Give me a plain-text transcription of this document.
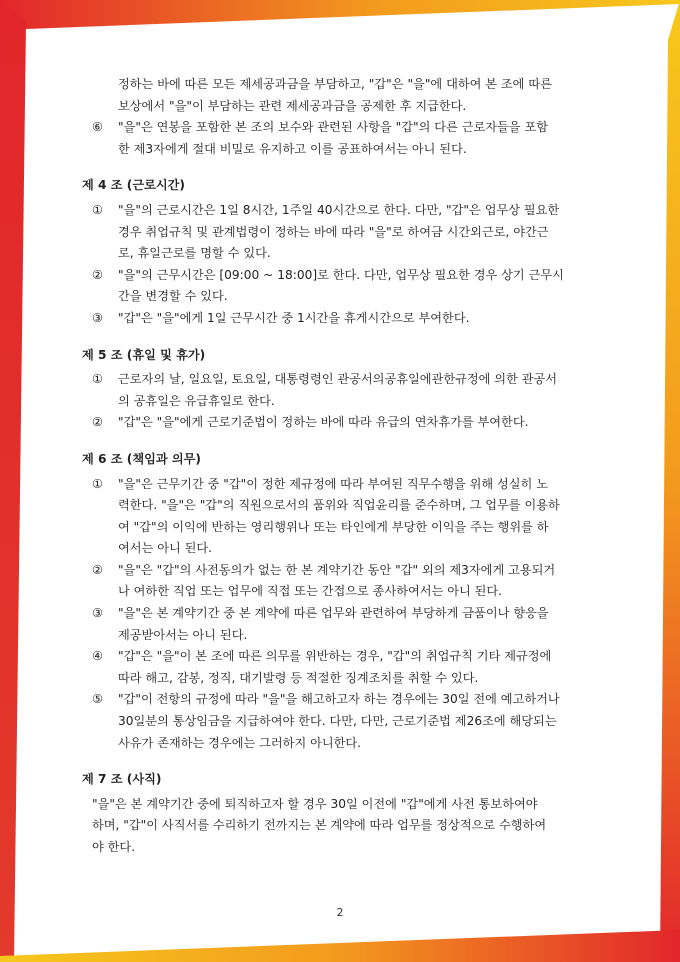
정하는 바에 따른 모든 제세공과금을 부담하고, "갑"은 "을"에 대하여 본 조에 따른
보상에서 "을"이 부담하는 관련 제세공과금을 공제한 후 지급한다.
⑥ "을"은 연봉을 포함한 본 조의 보수와 관련된 사항을 "갑"의 다른 근로자들을 포함
한 제3자에게 절대 비밀로 유지하고 이를 공표하여서는 아니 된다.
제 4 조 (근로시간)
① "을"의 근로시간은 1일 8시간, 1주일 40시간으로 한다. 다만, "갑"은 업무상 필요한
경우 취업규칙 및 관계법령이 정하는 바에 따라 "을"로 하여금 시간외근로, 야간근
로, 휴일근로를 명할 수 있다.
② "을"의 근무시간은 [09:00 ~ 18:00]로 한다. 다만, 업무상 필요한 경우 상기 근무시
간을 변경할 수 있다.
③ "갑"은 "을"에게 1일 근무시간 중 1시간을 휴게시간으로 부여한다.
제 5 조 (휴일 및 휴가)
① 근로자의 날, 일요일, 토요일, 대통령령인 관공서의공휴일에관한규정에 의한 관공서
의 공휴일은 유급휴일로 한다.
② "갑"은 "을"에게 근로기준법이 정하는 바에 따라 유급의 연차휴가를 부여한다.
제 6 조 (책임과 의무)
① "을"은 근무기간 중 "갑"이 정한 제규정에 따라 부여된 직무수행을 위해 성실히 노
력한다. "을"은 "갑"의 직원으로서의 품위와 직업윤리를 준수하며, 그 업무를 이용하
여 "갑"의 이익에 반하는 영리행위나 또는 타인에게 부당한 이익을 주는 행위를 하
여서는 아니 된다.
② "을"은 "갑"의 사전동의가 없는 한 본 계약기간 동안 "갑" 외의 제3자에게 고용되거
나 여하한 직업 또는 업무에 직접 또는 간접으로 종사하여서는 아니 된다.
③ "을"은 본 계약기간 중 본 계약에 따른 업무와 관련하여 부당하게 금품이나 향응을
제공받아서는 아니 된다.
④ "갑"은 "을"이 본 조에 따른 의무를 위반하는 경우, "갑"의 취업규칙 기타 제규정에
따라 해고, 감봉, 정직, 대기발령 등 적절한 징계조치를 취할 수 있다.
⑤ "갑"이 전항의 규정에 따라 "을"을 해고하고자 하는 경우에는 30일 전에 예고하거나
30일분의 통상임금을 지급하여야 한다. 다만, 다만, 근로기준법 제26조에 해당되는
사유가 존재하는 경우에는 그러하지 아니한다.
제 7 조 (사직)
"을"은 본 계약기간 중에 퇴직하고자 할 경우 30일 이전에 "갑"에게 사전 통보하여야
하며, "갑"이 사직서를 수리하기 전까지는 본 계약에 따라 업무를 정상적으로 수행하여
야 한다.
2
